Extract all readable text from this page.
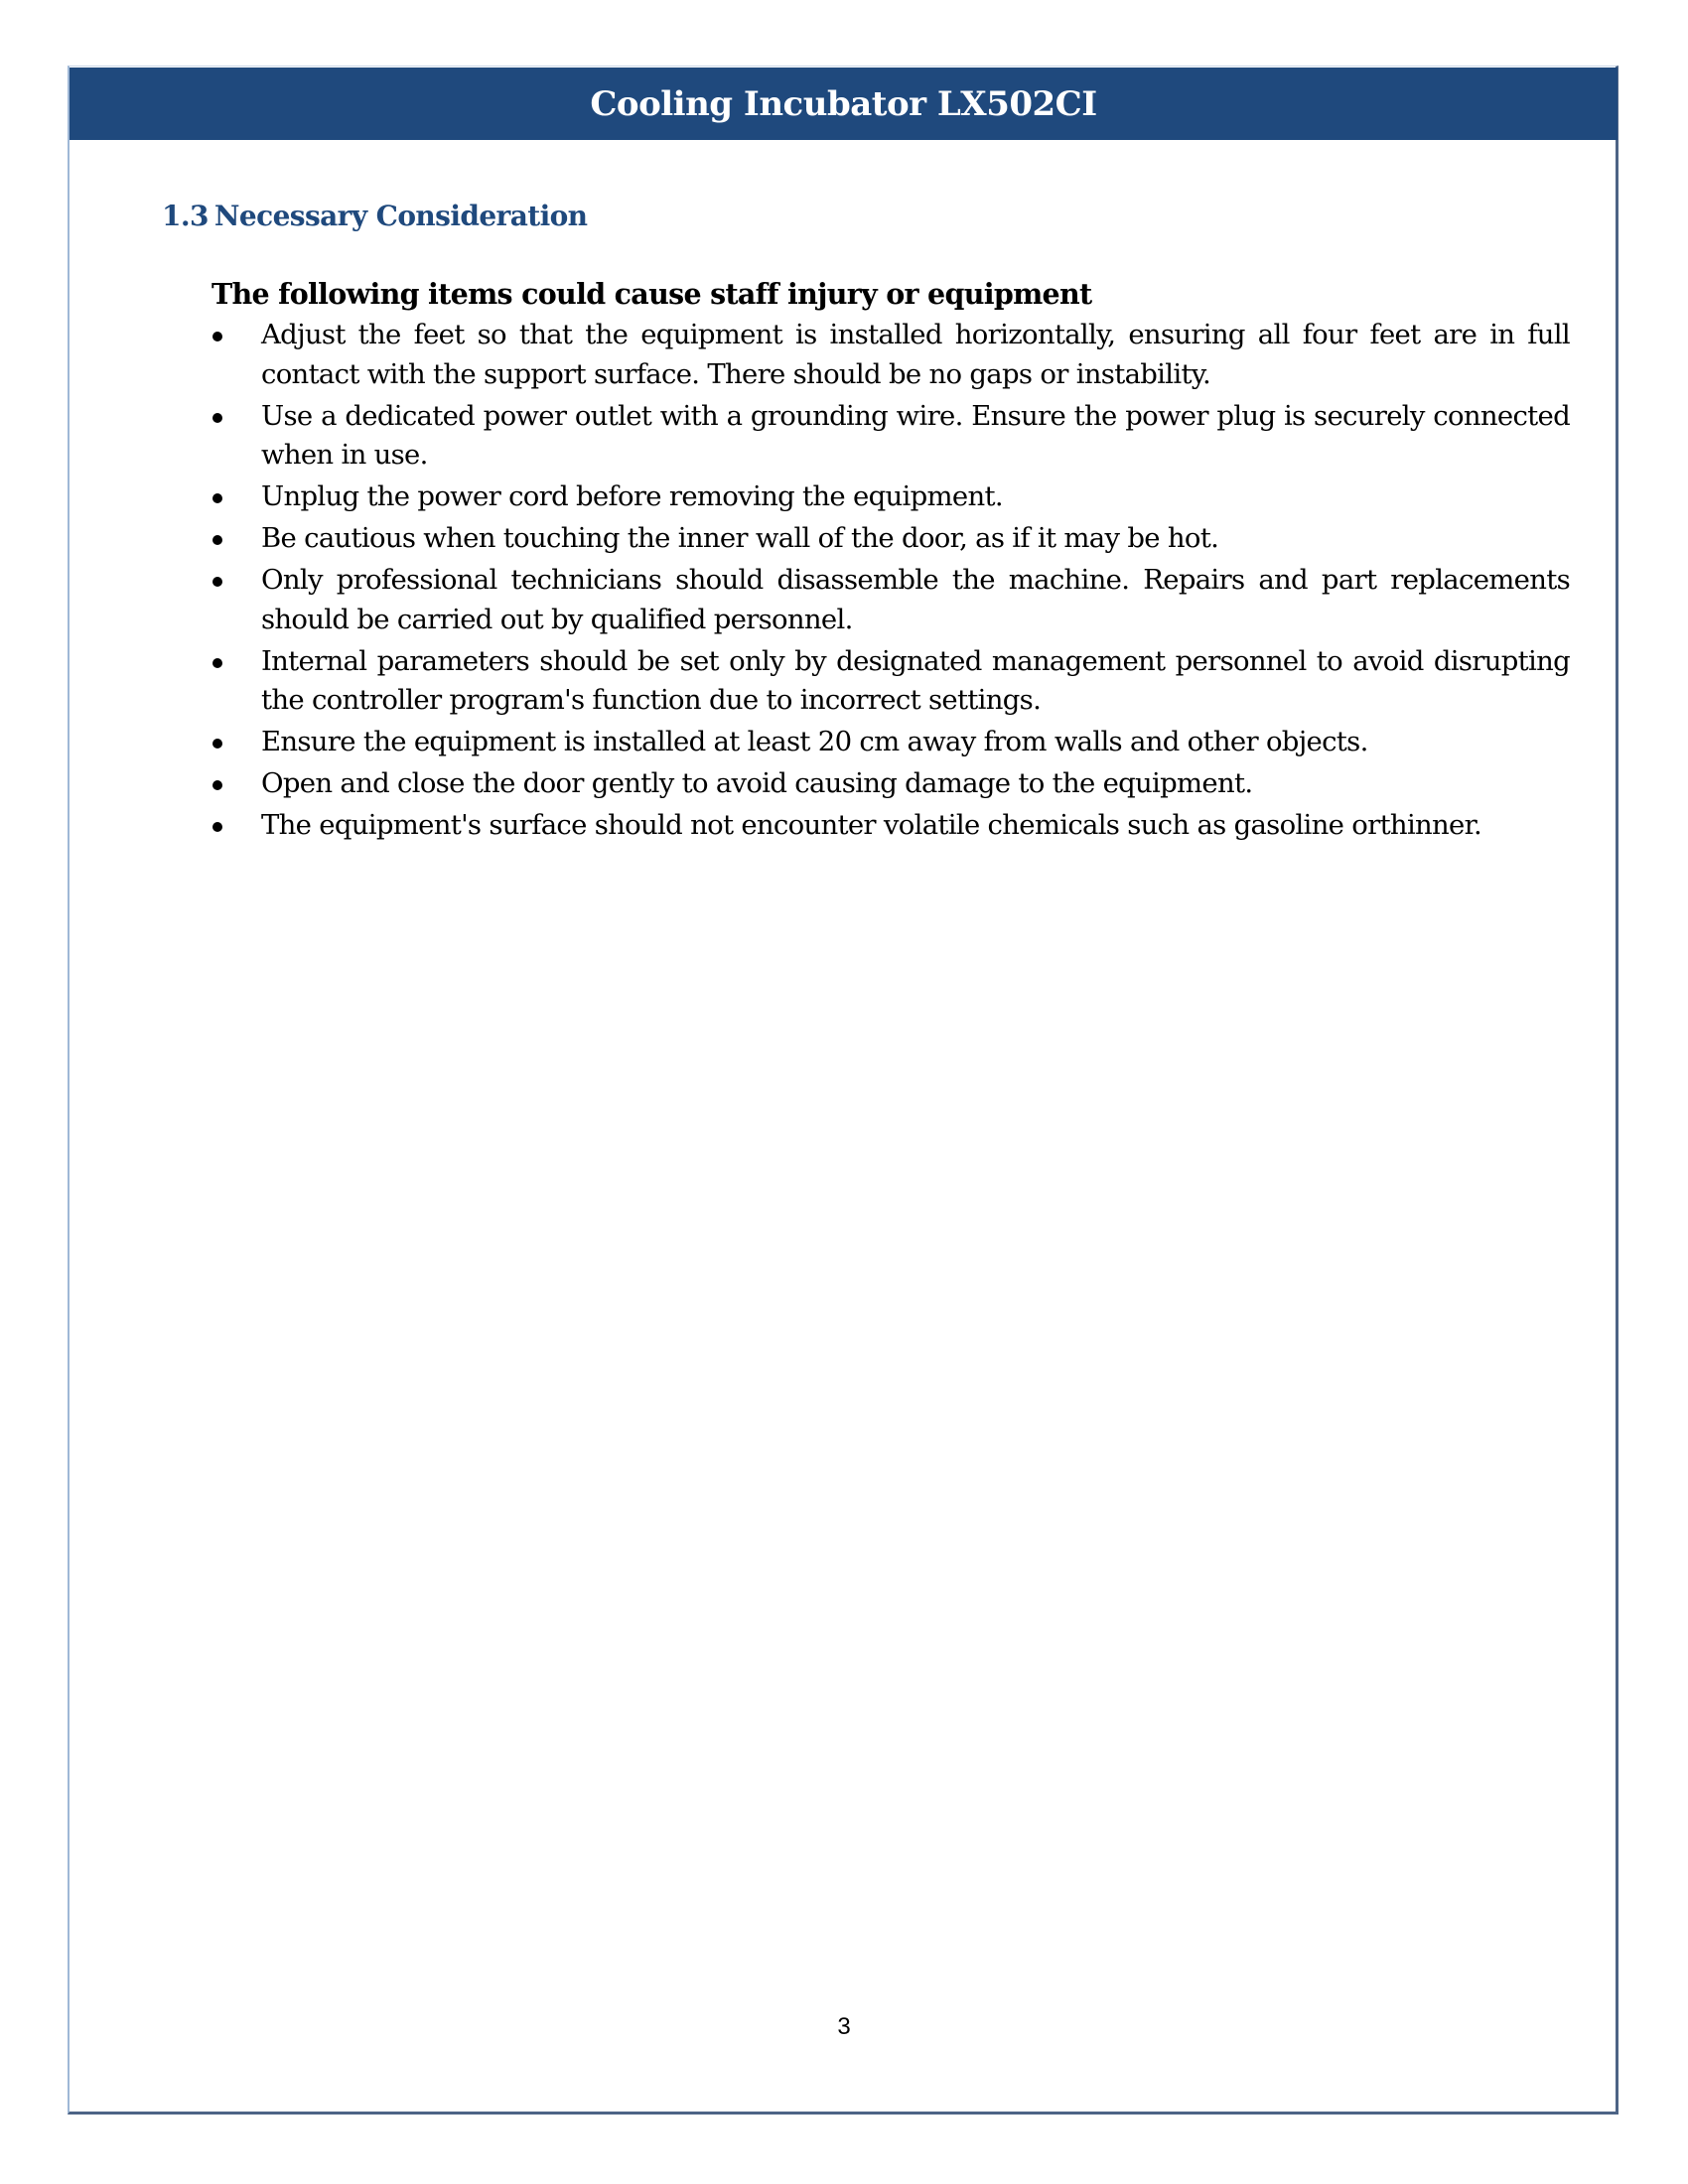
Cooling Incubator LX502CI
1.3 Necessary Consideration
The following items could cause staff injury or equipment
Adjust the feet so that the equipment is installed horizontally, ensuring all four feet are in full contact with the support surface. There should be no gaps or instability.
Use a dedicated power outlet with a grounding wire. Ensure the power plug is securely connected when in use.
Unplug the power cord before removing the equipment.
Be cautious when touching the inner wall of the door, as if it may be hot.
Only professional technicians should disassemble the machine. Repairs and part replacements should be carried out by qualified personnel.
Internal parameters should be set only by designated management personnel to avoid disrupting the controller program's function due to incorrect settings.
Ensure the equipment is installed at least 20 cm away from walls and other objects.
Open and close the door gently to avoid causing damage to the equipment.
The equipment's surface should not encounter volatile chemicals such as gasoline orthinner.
3
